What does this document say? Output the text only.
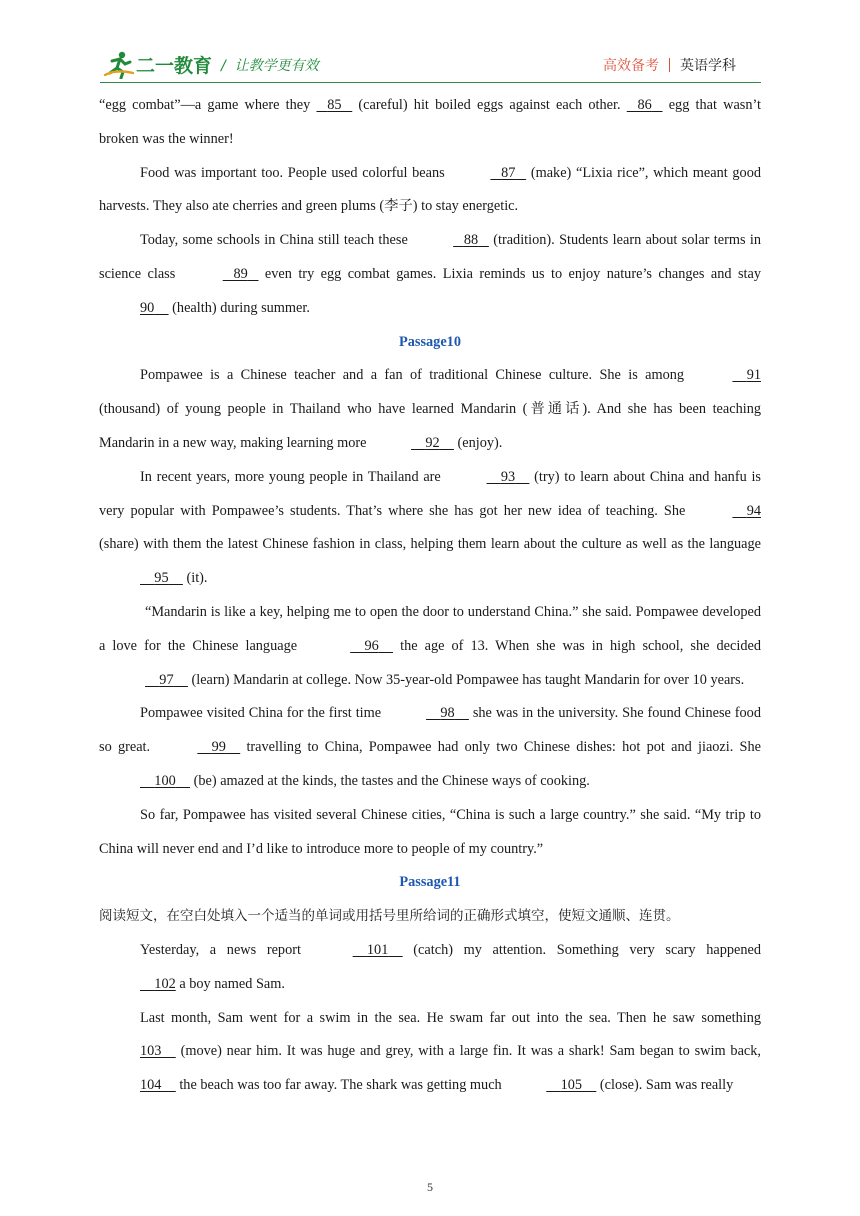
二一教育 / 让教学更有效	高效备考 英语学科

“egg combat”—a game where they    85    (careful) hit boiled eggs against each other.    86    egg that wasn’t broken was the winner!

Food was important too. People used colorful beans	87    (make) “Lixia rice”, which meant good harvests. They also ate cherries and green plums (李子) to stay energetic.

Today, some schools in China still teach these	88    (tradition). Students learn about solar terms in science class	89    even try egg combat games. Lixia reminds us to enjoy nature’s changes and stay 90     (health) during summer.

Passage10

Pompawee is a Chinese teacher and a fan of traditional Chinese culture. She is among	91 (thousand) of young people in Thailand who have learned Mandarin (普通话). And she has been teaching Mandarin in a new way, making learning more	92     (enjoy).

In recent years, more young people in Thailand are	93     (try) to learn about China and hanfu is very popular with Pompawee’s students. That’s where she has got her new idea of teaching. She	94 (share) with them the latest Chinese fashion in class, helping them learn about the culture as well as the language     95     (it).

“Mandarin is like a key, helping me to open the door to understand China.” she said. Pompawee developed a love for the Chinese language	96     the age of 13. When she was in high school, she decided     97     (learn) Mandarin at college. Now 35-year-old Pompawee has taught Mandarin for over 10 years.

Pompawee visited China for the first time	98     she was in the university. She found Chinese food so great.	99     travelling to China, Pompawee had only two Chinese dishes: hot pot and jiaozi. She     100     (be) amazed at the kinds, the tastes and the Chinese ways of cooking.

So far, Pompawee has visited several Chinese cities, “China is such a large country.” she said. “My trip to China will never end and I’d like to introduce more to people of my country.”

Passage11

阅读短文，在空白处填入一个适当的单词或用括号里所给词的正确形式填空，使短文通顺、连贯。

Yesterday, a news report	101     (catch) my attention. Something very scary happened     102 a boy named Sam.

Last month, Sam went for a swim in the sea. He swam far out into the sea. Then he saw something 103     (move) near him. It was huge and grey, with a large fin. It was a shark! Sam began to swim back, 104     the beach was too far away. The shark was getting much	105     (close). Sam was really

5
